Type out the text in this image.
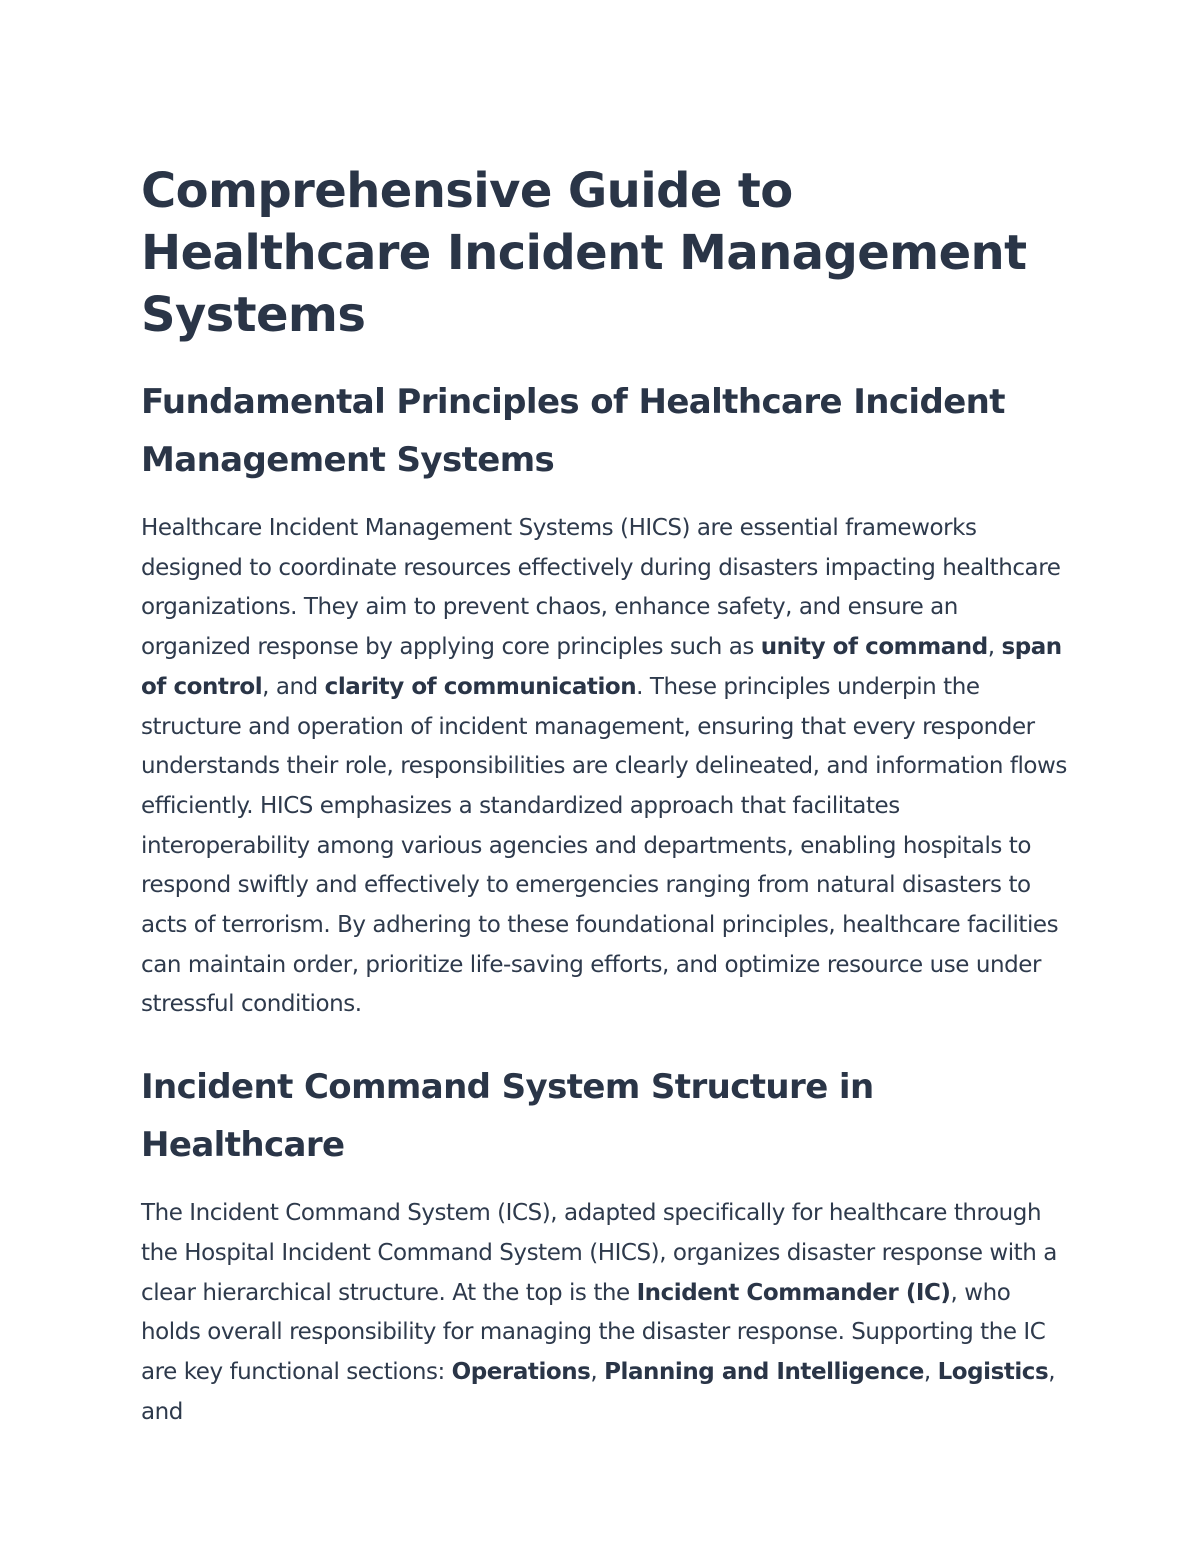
Comprehensive Guide to Healthcare Incident Management Systems
Fundamental Principles of Healthcare Incident Management Systems

Healthcare Incident Management Systems (HICS) are essential frameworks designed to coordinate resources effectively during disasters impacting healthcare organizations. They aim to prevent chaos, enhance safety, and ensure an organized response by applying core principles such as unity of command, span of control, and clarity of communication. These principles underpin the structure and operation of incident management, ensuring that every responder understands their role, responsibilities are clearly delineated, and information flows efficiently. HICS emphasizes a standardized approach that facilitates interoperability among various agencies and departments, enabling hospitals to respond swiftly and effectively to emergencies ranging from natural disasters to acts of terrorism. By adhering to these foundational principles, healthcare facilities can maintain order, prioritize life-saving efforts, and optimize resource use under stressful conditions.

Incident Command System Structure in Healthcare

The Incident Command System (ICS), adapted specifically for healthcare through the Hospital Incident Command System (HICS), organizes disaster response with a clear hierarchical structure. At the top is the Incident Commander (IC), who holds overall responsibility for managing the disaster response. Supporting the IC are key functional sections: Operations, Planning and Intelligence, Logistics, and
